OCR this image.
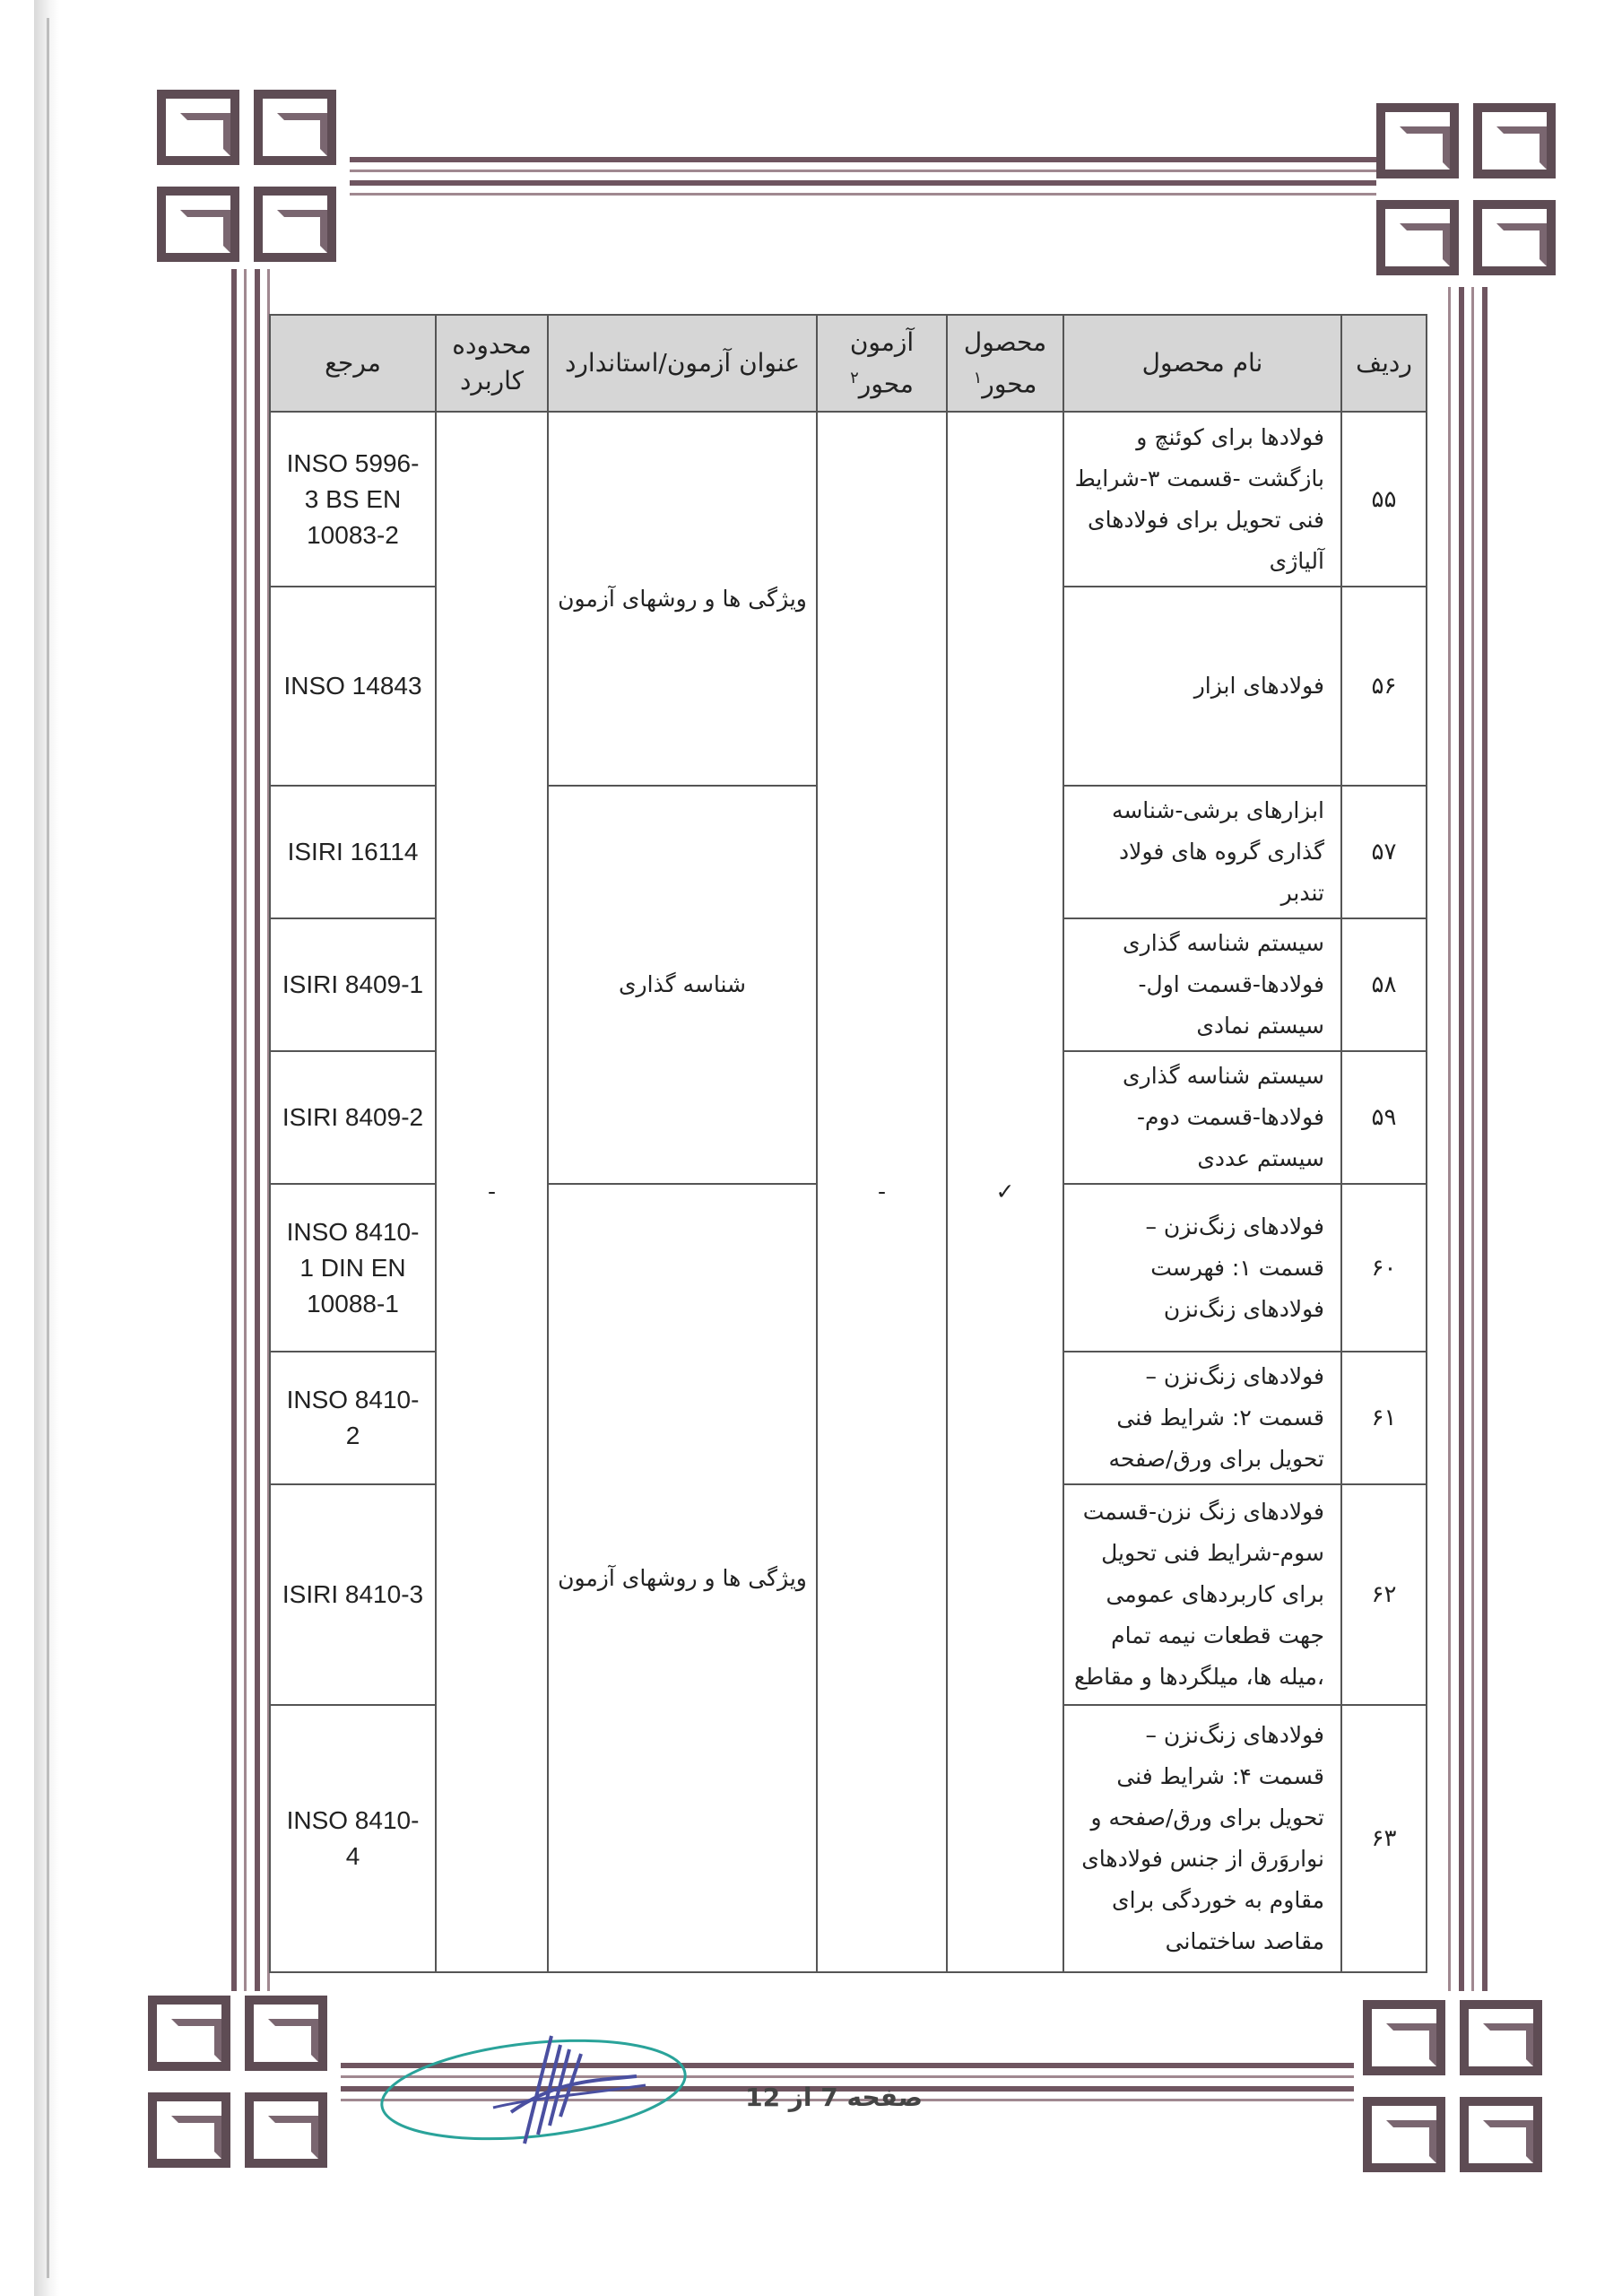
ردیف	نام محصول	محصول محور$^۱$	آزمون محور$^۲$	عنوان آزمون/استاندارد	محدوده کاربرد	مرجع
۵۵	فولادها برای کوئنچ و بازگشت -قسمت ۳-شرایط فنی تحویل برای فولادهای آلیاژی	✓	-	ویژگی ها و روشهای آزمون	-	INSO 5996-3 BS EN 10083-2
۵۶	فولادهای ابزار					INSO 14843
۵۷	ابزارهای برشی-شناسه گذاری گروه های فولاد تندبر			شناسه گذاری		ISIRI 16114
۵۸	سیستم شناسه گذاری فولادها-قسمت اول-سیستم نمادی					ISIRI 8409-1
۵۹	سیستم شناسه گذاری فولادها-قسمت دوم-سیستم عددی					ISIRI 8409-2
۶۰	فولادهای زنگ‌نزن – قسمت ۱: فهرست فولادهای زنگ‌نزن			ویژگی ها و روشهای آزمون		INSO 8410-1 DIN EN 10088-1
۶۱	فولادهای زنگ‌نزن – قسمت ۲: شرایط فنی تحویل برای ورق/صفحه					INSO 8410-2
۶۲	فولادهای زنگ نزن-قسمت سوم-شرایط فنی تحویل برای کاربردهای عمومی جهت قطعات نیمه تمام ،میله ها، میلگردها و مقاطع					ISIRI 8410-3
۶۳	فولادهای زنگ‌نزن – قسمت ۴: شرایط فنی تحویل برای ورق/صفحه و نواروَرق از جنس فولادهای مقاوم به خوردگی برای مقاصد ساختمانی					INSO 8410-4
صفحه 7 از 12
